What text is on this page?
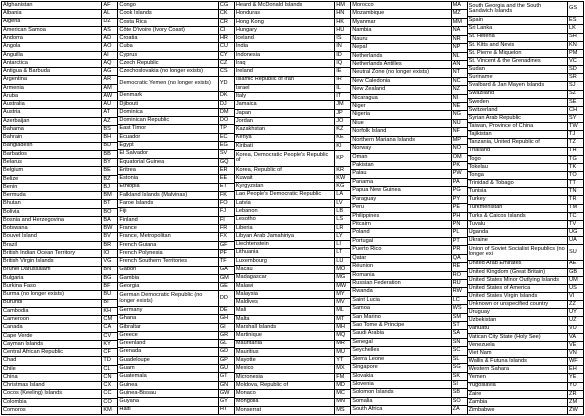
Afghanistan	AF
Albania	AL
Algeria	DZ
American Samoa	AS
Andorra	AD
Angola	AO
Anguilla	AI
Antarctica	AQ
Antigua & Barbuda	AG
Argentina	AR
Armenia	AM
Aruba	AW
Australia	AU
Austria	AT
Azerbaijan	AZ
Bahama	BS
Bahrain	BH
Bangladesh	BD
Barbados	BB
Belarus	BY
Belgium	BE
Belize	BZ
Benin	BJ
Bermuda	BM
Bhutan	BT
Bolivia	BO
Bosnia and Herzegovina	BA
Botswana	BW
Bouvet Island	BV
Brazil	BR
British Indian Ocean Territory	IO
British Virgin Islands	VG
Brunei Darussalam	BN
Bulgaria	BG
Burkina Faso	BF
Burma (no longer exists)	BU
Burundi	BI
Cambodia	KH
Cameroon	CM
Canada	CA
Cape Verde	CV
Cayman Islands	KY
Central African Republic	CF
Chad	TD
Chile	CL
China	CN
Christmas Island	CX
Cocos (Keeling) Islands	CC
Colombia	CO
Comoros	KM
Congo	CG
Cook Islands	CK
Costa Rica	CR
Côte D'ivoire (Ivory Coast)	CI
Croatia	HR
Cuba	CU
Cyprus	CY
Czech Republic	CZ
Czechoslovakia (no longer exists)	CS
Democratic Yemen (no longer exists)	YD
Denmark	DK
Djibouti	DJ
Dominica	DM
Dominican Republic	DO
East Timor	TP
Ecuador	EC
Egypt	EG
El Salvador	SV
Equatorial Guinea	GQ
Eritrea	ER
Estonia	EE
Ethiopia	ET
Falkland Islands (Malvinas)	FK
Faroe Islands	FO
Fiji	FJ
Finland	FI
France	FR
France, Metropolitan	FX
French Guiana	GF
French Polynesia	PF
French Southern Territories	TF
Gabon	GA
Gambia	GM
Georgia	GE
German Democratic Republic (no longer exists)	DD
Germany	DE
Ghana	GH
Gibraltar	GI
Greece	GR
Greenland	GL
Grenada	GD
Guadeloupe	GP
Guam	GU
Guatemala	GT
Guinea	GN
Guinea-Bissau	GW
Guyana	GY
Haiti	HT
Heard & McDonald Islands	HM
Honduras	HN
Hong Kong	HK
Hungary	HU
Iceland	IS
India	IN
Indonesia	ID
Iraq	IQ
Ireland	IE
Islamic Republic of Iran	IR
Israel	IL
Italy	IT
Jamaica	JM
Japan	JP
Jordan	JO
Kazakhstan	KZ
Kenya	KE
Kiribati	KI
Korea, Democratic People's Republic of	KP
Korea, Republic of	KR
Kuwait	KW
Kyrgyzstan	KG
Lao People's Democratic Republic	LA
Latvia	LV
Lebanon	LB
Lesotho	LS
Liberia	LR
Libyan Arab Jamahiriya	LY
Liechtenstein	LI
Lithuania	LT
Luxembourg	LU
Macau	MO
Madagascar	MG
Malawi	MW
Malaysia	MY
Maldives	MV
Mali	ML
Malta	MT
Marshall Islands	MH
Martinique	MQ
Mauritania	MR
Mauritius	MU
Mayotte	YT
Mexico	MX
Micronesia	FM
Moldova, Republic of	MD
Monaco	MC
Mongolia	MN
Monserrat	MS
Morocco	MA
Mozambique	MZ
Myanmar	MM
Nambia	NA
Nauru	NR
Nepal	NP
Netherlands	NL
Netherlands Antilles	AN
Neutral Zone (no longer exists)	NT
New Caledonia	NC
New Zealand	NZ
Nicaragua	NI
Niger	NE
Nigeria	NG
Niue	NU
Norfolk Island	NF
Northern Mariana Islands	MP
Norway	NO
Oman	OM
Pakistan	PK
Palau	PW
Panama	PA
Papua New Guinea	PG
Paraguay	PY
Peru	PE
Philippines	PH
Pitcairn	PN
Poland	PL
Portugal	PT
Puerto Rico	PR
Qatar	QA
Réunion	RE
Romania	RO
Russian Federation	RU
Rwanda	RW
Saint Lucia	LC
Samoa	WS
San Marino	SM
Sao Tome & Principe	ST
Saudi Arabia	SA
Senegal	SN
Seychelles	SC
Sierra Leone	SL
Singapore	SG
Slovakia	SK
Slovenia	SI
Solomon Islands	SB
Somalia	SO
South Africa	ZA
South Georgia and the South Sandwich Islands	GS
Spain	ES
Sri Lanka	LK
St. Helena	SH
St. Kitts and Nevis	KN
St. Pierre & Miquelon	PM
St. Vincent & the Grenadines	VC
Sudan	SD
Suriname	SR
Svalbard & Jan Mayen Islands	SJ
Swaziland	SZ
Sweden	SE
Switzerland	CH
Syrian Arab Republic	SY
Taiwan, Province of China	TW
Tajikistan	TJ
Tanzania, United Republic of	TZ
Thailand	TH
Togo	TG
Tokelau	TK
Tonga	TO
Trinidad & Tobago	TT
Tunisia	TN
Turkey	TR
Turkmenistan	TM
Turks & Caicos Islands	TC
Tuvalu	TV
Uganda	UG
Ukraine	UA
Union of Soviet Socialist Republics (no longer exi	SU
United Arab Emirates	AE
United Kingdom (Great Britain)	GB
United States Minor Outlying Islands	UM
United States of America	US
United States Virgin Islands	VI
Unknown or unspecified country	ZZ
Uruguay	UY
Uzbekistan	UZ
Vanuatu	VU
Vatican City State (Holy See)	VA
Venezuela	VE
Viet Nam	VN
Wallis & Futuna Islands	WF
Western Sahara	EH
Yemen	YE
Yugoslavia	YU
Zaire	ZR
Zambia	ZM
Zimbabwe	ZW
